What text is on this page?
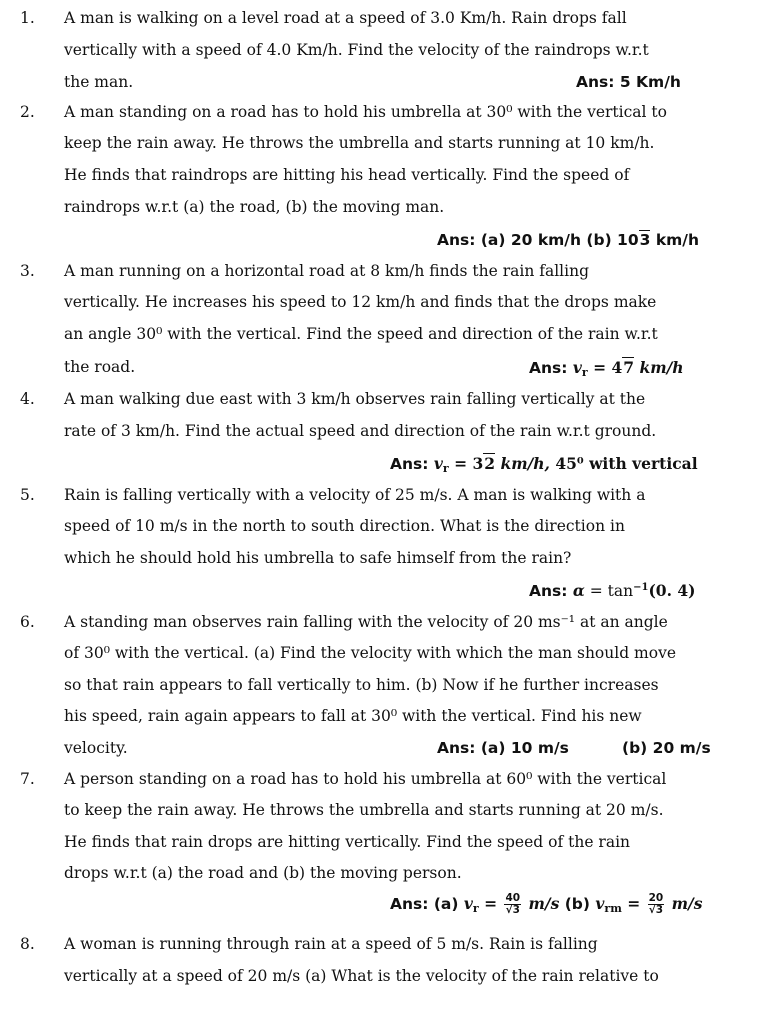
1. A man is walking on a level road at a speed of 3.0 Km/h. Rain drops fall
vertically with a speed of 4.0 Km/h. Find the velocity of the raindrops w.r.t
the man.	Ans: 5 Km/h
2. A man standing on a road has to hold his umbrella at 30⁰ with the vertical to
keep the rain away. He throws the umbrella and starts running at 10 km/h.
He finds that raindrops are hitting his head vertically. Find the speed of
raindrops w.r.t (a) the road, (b) the moving man.
Ans: (a) 20 km/h (b) 103 km/h
3. A man running on a horizontal road at 8 km/h finds the rain falling
vertically. He increases his speed to 12 km/h and finds that the drops make
an angle 30⁰ with the vertical. Find the speed and direction of the rain w.r.t
the road.	Ans: $v_r = 47$ km/h
4. A man walking due east with 3 km/h observes rain falling vertically at the
rate of 3 km/h. Find the actual speed and direction of the rain w.r.t ground.
Ans: $v_r = 32$ km/h, 45⁰ with vertical
5. Rain is falling vertically with a velocity of 25 m/s. A man is walking with a
speed of 10 m/s in the north to south direction. What is the direction in
which he should hold his umbrella to safe himself from the rain?
Ans: $\alpha = \tan^{-1}(0$. 4)
6. A standing man observes rain falling with the velocity of 20 ms⁻¹ at an angle
of 30⁰ with the vertical. (a) Find the velocity with which the man should move
so that rain appears to fall vertically to him. (b) Now if he further increases
his speed, rain again appears to fall at 30⁰ with the vertical. Find his new
velocity.	Ans: (a) 10 m/s	(b) 20 m/s
7. A person standing on a road has to hold his umbrella at 60⁰ with the vertical
to keep the rain away. He throws the umbrella and starts running at 20 m/s.
He finds that rain drops are hitting vertically. Find the speed of the rain
drops w.r.t (a) the road and (b) the moving person.
Ans: (a) $v_r = \frac{40}{√3} m/s$ (b) $v_{rm} = \frac{20}{√3} m/s$
8. A woman is running through rain at a speed of 5 m/s. Rain is falling
vertically at a speed of 20 m/s (a) What is the velocity of the rain relative to
